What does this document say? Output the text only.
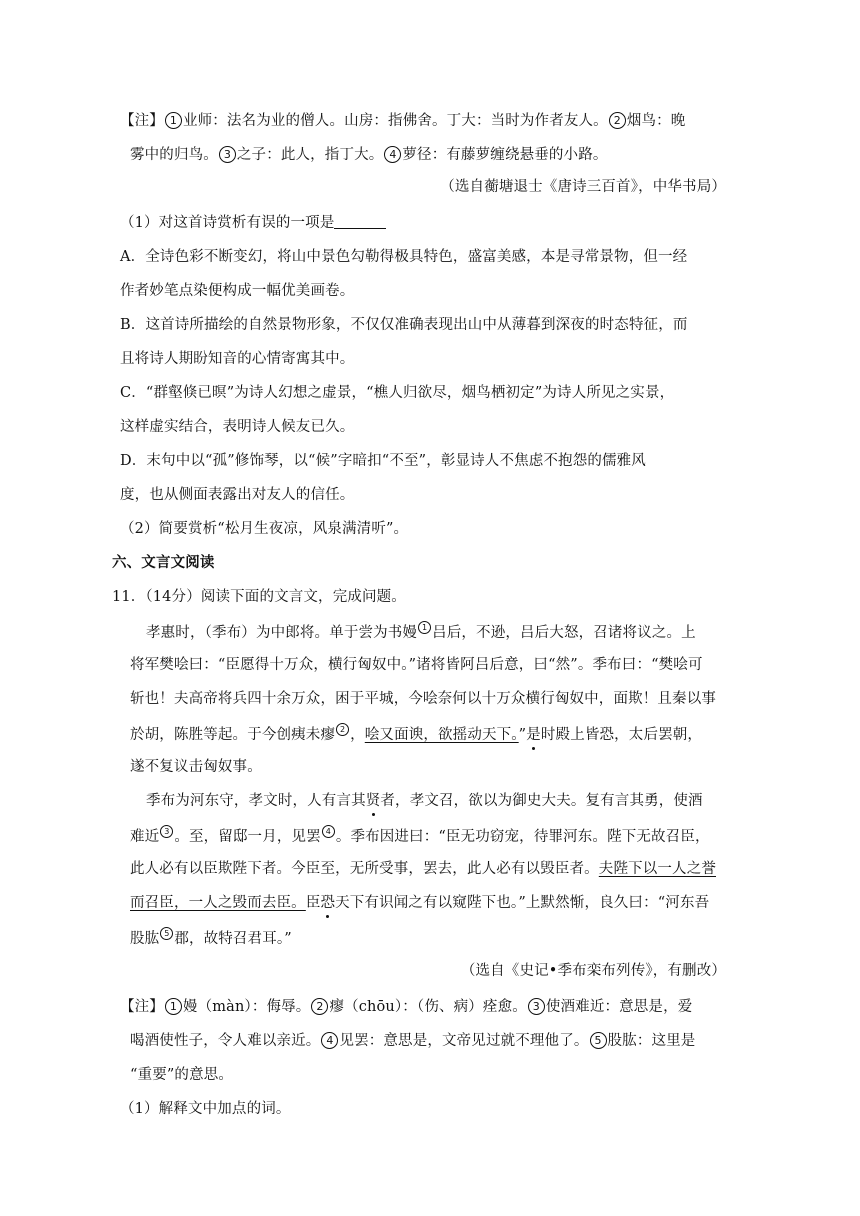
【注】 1 业师：法名为业的僧人。山房：指佛舍。丁大：当时为作者友人。 2 烟鸟：晚
雾中的归鸟。 3 之子：此人，指丁大。 4 萝径：有藤萝缠绕悬垂的小路。
（选自蘅塘退士《唐诗三百首》，中华书局）
（1）对这首诗赏析有误的一项是
A．全诗色彩不断变幻，将山中景色勾勒得极具特色，盛富美感，本是寻常景物，但一经
作者妙笔点染便构成一幅优美画卷。
B．这首诗所描绘的自然景物形象，不仅仅准确表现出山中从薄暮到深夜的时态特征，而
且将诗人期盼知音的心情寄寓其中。
C．“群壑倏已暝”为诗人幻想之虚景，“樵人归欲尽，烟鸟栖初定”为诗人所见之实景，
这样虚实结合，表明诗人候友已久。
D．末句中以“孤”修饰琴，以“候”字暗扣“不至”，彰显诗人不焦虑不抱怨的儒雅风
度，也从侧面表露出对友人的信任。
（2）简要赏析“松月生夜凉，风泉满清听”。
六、文言文阅读
11．（14分）阅读下面的文言文，完成问题。
孝惠时，（季布）为中郎将。单于尝为书嫚 1 吕后，不逊，吕后大怒，召诸将议之。上
将军樊哙曰：“臣愿得十万众，横行匈奴中。”诸将皆阿吕后意，曰“然”。季布曰：“樊哙可
斩也！夫高帝将兵四十余万众，困于平城，今哙奈何以十万众横行匈奴中，面欺！且秦以事
於胡，陈胜等起。于今创痍未瘳 2 ，哙又面谀，欲摇动天下。”是时殿上皆恐，太后罢朝，
遂不复议击匈奴事。
季布为河东守，孝文时，人有言其贤者，孝文召，欲以为御史大夫。复有言其勇，使酒
难近 3 。至，留邸一月，见罢 4 。季布因进曰：“臣无功窃宠，待罪河东。陛下无故召臣，
此人必有以臣欺陛下者。今臣至，无所受事，罢去，此人必有以毁臣者。夫陛下以一人之誉
而召臣，一人之毁而去臣。臣恐天下有识闻之有以窥陛下也。”上默然惭，良久曰：“河东吾
股肱 5 郡，故特召君耳。”
（选自《史记•季布栾布列传》，有删改）
【注】 1 嫚（màn）：侮辱。 2 瘳（chōu）：（伤、病）痊愈。 3 使酒难近：意思是，爱
喝酒使性子，令人难以亲近。 4 见罢：意思是，文帝见过就不理他了。 5 股肱：这里是
“重要”的意思。
（1）解释文中加点的词。
